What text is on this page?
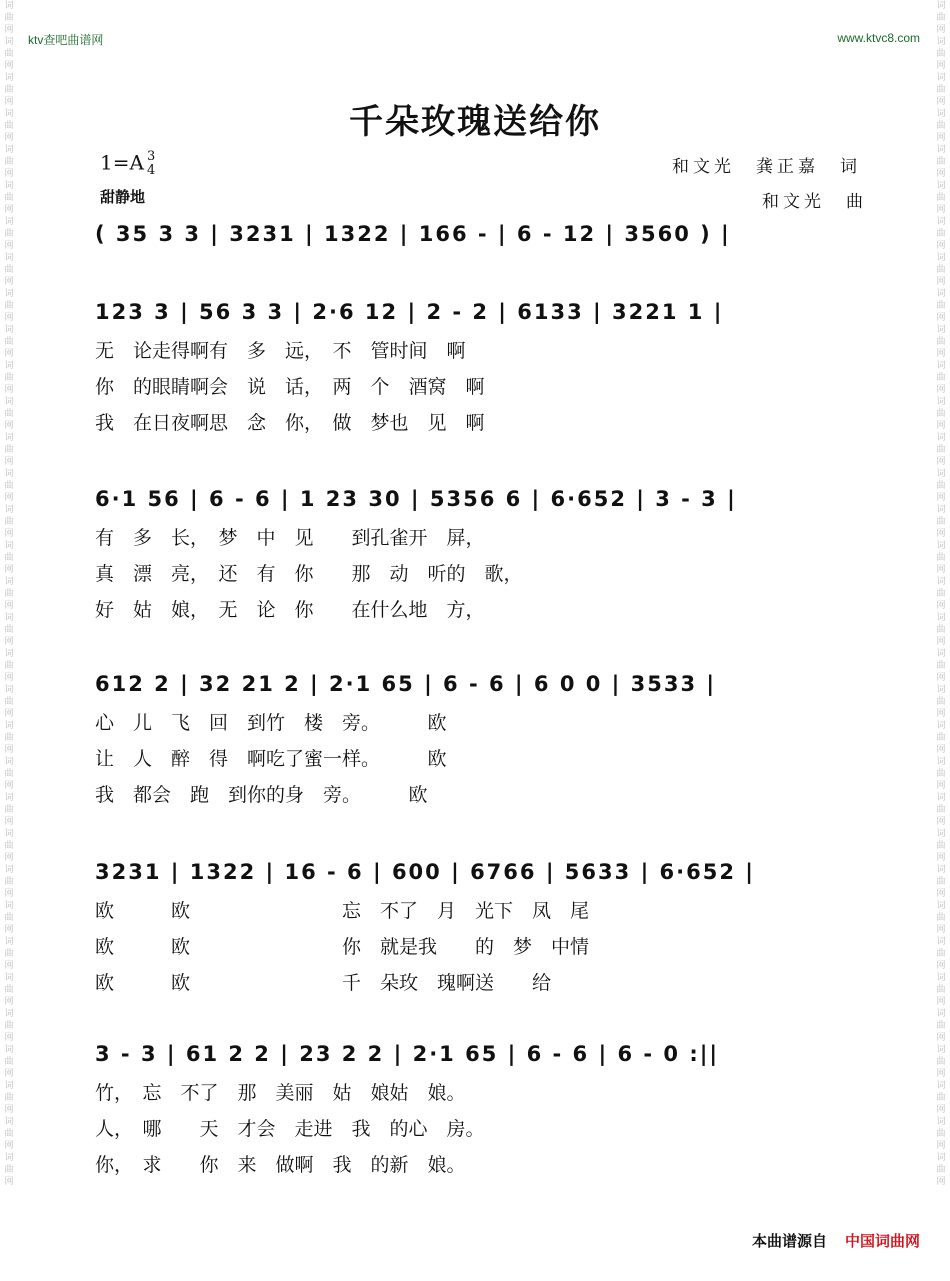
词曲网词曲网词曲网词曲网词曲网词曲网词曲网词曲网词曲网词曲网词曲网词曲网词曲网词曲网词曲网词曲网词曲网词曲网词曲网词曲网词曲网词曲网词曲网词曲网词曲网词曲网词曲网词曲网词曲网词曲网词曲网词曲网词曲网
词曲网词曲网词曲网词曲网词曲网词曲网词曲网词曲网词曲网词曲网词曲网词曲网词曲网词曲网词曲网词曲网词曲网词曲网词曲网词曲网词曲网词曲网词曲网词曲网词曲网词曲网词曲网词曲网词曲网词曲网词曲网词曲网词曲网
ktv查吧曲谱网	www.ktvc8.com
千朵玫瑰送给你
1=A 3
4
甜静地
和文光　龚正嘉　词
和文光　曲
( 35 3 3 | 3231 | 1322 | 166 - | 6 - 12 | 3560 ) |
123 3 | 56 3 3 | 2·6 12 | 2 - 2 | 6133 | 3221 1 |
无　论走得啊有　多　远，　不　管时间　啊
你　的眼睛啊会　说　话，　两　个　酒窝　啊
我　在日夜啊思　念　你，　做　梦也　见　啊
6·1 56 | 6 - 6 | 1 23 30 | 5356 6 | 6·652 | 3 - 3 |
有　多　长，　梦　中　见　　到孔雀开　屏，
真　漂　亮，　还　有　你　　那　动　听的　歌，
好　姑　娘，　无　论　你　　在什么地　方，
612 2 | 32 21 2 | 2·1 65 | 6 - 6 | 6 0 0 | 3533 |
心　儿　飞　回　到竹　楼　旁。　　　欧
让　人　醉　得　啊吃了蜜一样。　　　欧
我　都会　跑　到你的身　旁。　　　欧
3231 | 1322 | 16 - 6 | 600 | 6766 | 5633 | 6·652 |
欧　　　欧　　　　　　　　忘　不了　月　光下　凤　尾
欧　　　欧　　　　　　　　你　就是我　　的　梦　中情
欧　　　欧　　　　　　　　千　朵玫　瑰啊送　　给
3 - 3 | 61 2 2 | 23 2 2 | 2·1 65 | 6 - 6 | 6 - 0 :||
竹，　忘　不了　那　美丽　姑　娘姑　娘。
人，　哪　　天　才会　走进　我　的心　房。
你，　求　　你　来　做啊　我　的新　娘。
本曲谱源自 中国词曲网
